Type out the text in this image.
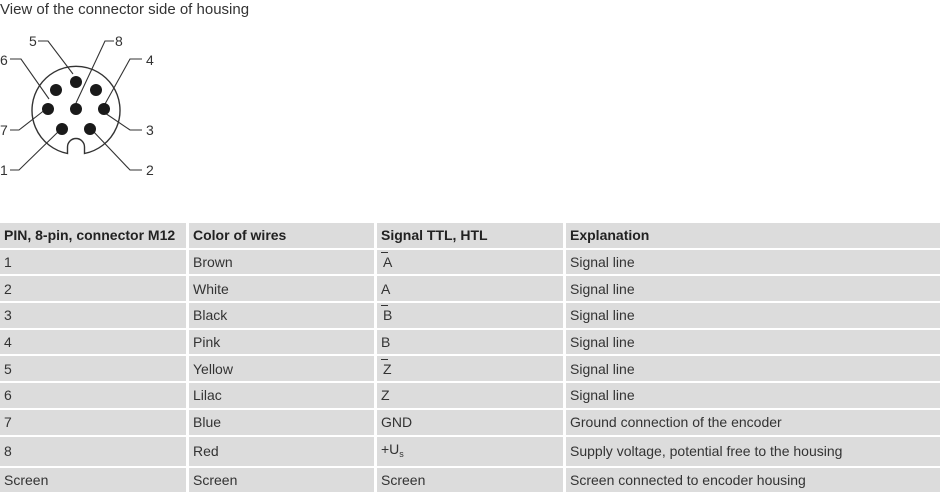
View of the connector side of housing
5	8
6	4
7	3
1	2
PIN, 8-pin, connector M12	Color of wires	Signal TTL, HTL	Explanation
1	Brown	A	Signal line
2	White	A	Signal line
3	Black	B	Signal line
4	Pink	B	Signal line
5	Yellow	Z	Signal line
6	Lilac	Z	Signal line
7	Blue	GND	Ground connection of the encoder
8	Red	$+U_s$	Supply voltage, potential free to the housing
Screen	Screen	Screen	Screen connected to encoder housing
